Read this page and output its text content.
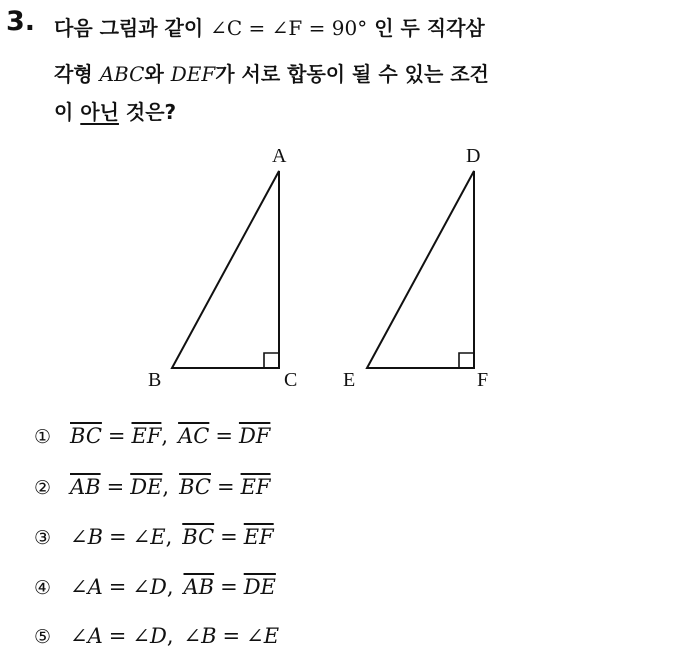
3. 다음 그림과 같이 ∠C = ∠F = 90° 인 두 직각삼
각형 ABC와 DEF가 서로 합동이 될 수 있는 조건
이 아닌 것은?
A
B	C
D
E	F
① $\overline{BC} = \overline{EF}$, $\overline{AC} = \overline{DF}$
② $\overline{AB} = \overline{DE}$, $\overline{BC} = \overline{EF}$
③ ∠B = ∠E, $\overline{BC} = \overline{EF}$
④ ∠A = ∠D, $\overline{AB} = \overline{DE}$
⑤ ∠A = ∠D, ∠B = ∠E
